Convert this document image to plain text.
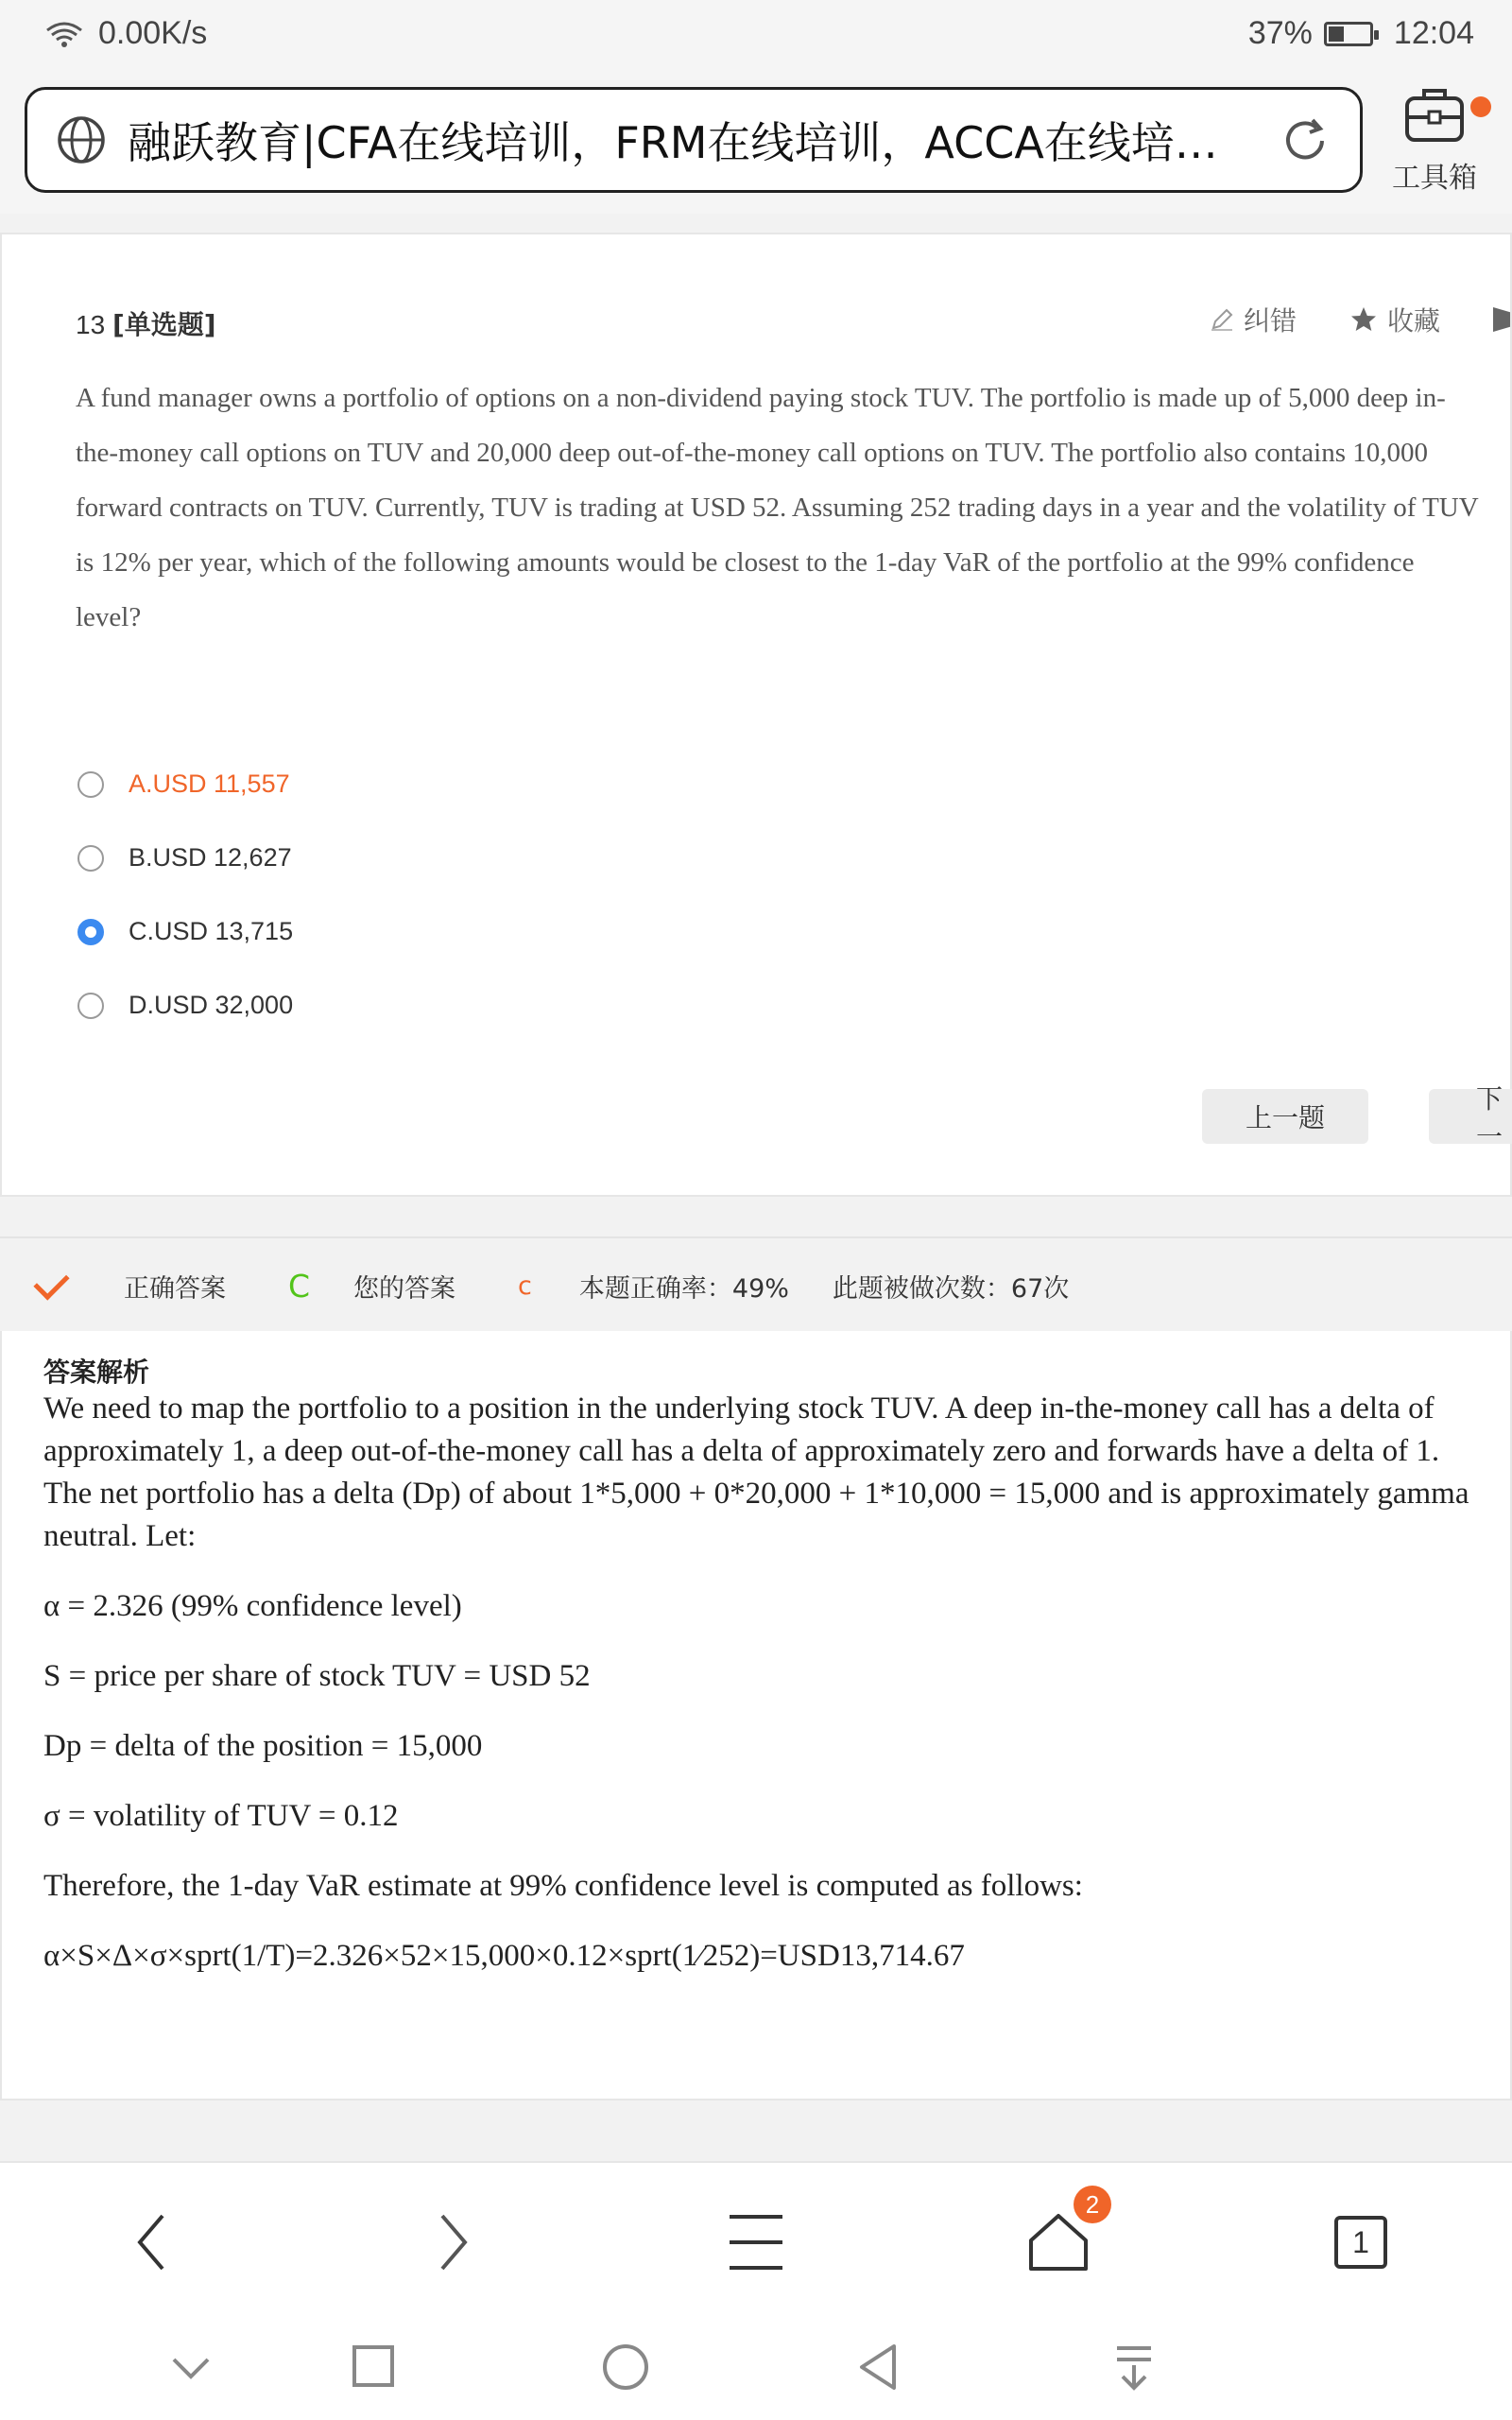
0.00K/s	37%	12:04
融跃教育|CFA在线培训，FRM在线培训，ACCA在线培…
工具箱
13 [单选题]	纠错	收藏
A fund manager owns a portfolio of options on a non-dividend paying stock TUV. The portfolio is made up of 5,000 deep in-the-money call options on TUV and 20,000 deep out-of-the-money call options on TUV. The portfolio also contains 10,000 forward contracts on TUV. Currently, TUV is trading at USD 52. Assuming 252 trading days in a year and the volatility of TUV is 12% per year, which of the following amounts would be closest to the 1-day VaR of the portfolio at the 99% confidence level?
A.USD 11,557
B.USD 12,627
C.USD 13,715
D.USD 32,000
上一题
下一
正确答案 C 您的答案 c 本题正确率：49% 此题被做次数：67次
答案解析

We need to map the portfolio to a position in the underlying stock TUV. A deep in-the-money call has a delta of approximately 1, a deep out-of-the-money call has a delta of approximately zero and forwards have a delta of 1. The net portfolio has a delta (Dp) of about 1*5,000 + 0*20,000 + 1*10,000 = 15,000 and is approximately gamma neutral. Let:

α = 2.326 (99% confidence level)

S = price per share of stock TUV = USD 52

Dp = delta of the position = 15,000

σ = volatility of TUV = 0.12

Therefore, the 1-day VaR estimate at 99% confidence level is computed as follows:

α×S×Δ×σ×sprt(1/T)=2.326×52×15,000×0.12×sprt(1⁄252)=USD13,714.67

1
2
